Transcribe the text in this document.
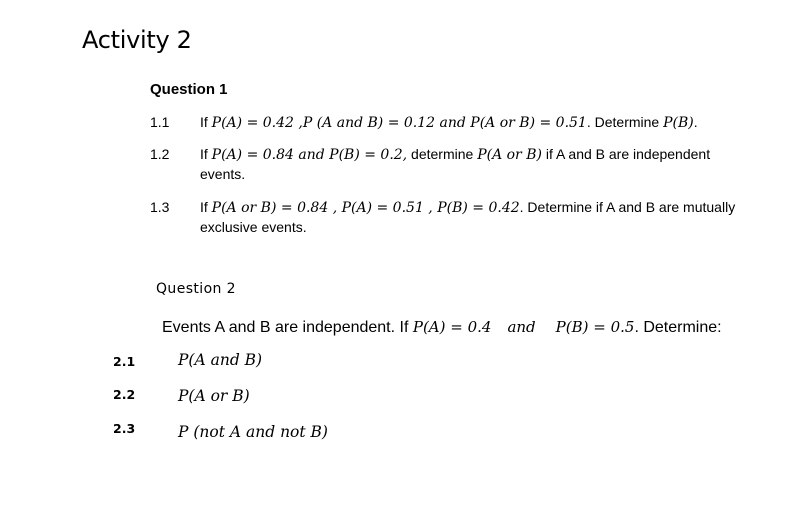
Activity 2
Question 1
1.1 If P(A) = 0.42 ,P (A and B) = 0.12 and P(A or B) = 0.51. Determine P(B).
1.2 If P(A) = 0.84 and P(B) = 0.2, determine P(A or B) if A and B are independent
events.
1.3 If P(A or B) = 0.84 , P(A) = 0.51 , P(B) = 0.42. Determine if A and B are mutually
exclusive events.
Question 2
Events A and B are independent. If P(A) = 0.4 and P(B) = 0.5. Determine:
2.1	P(A and B)
2.2	P(A or B)
2.3	P (not A and not B)
